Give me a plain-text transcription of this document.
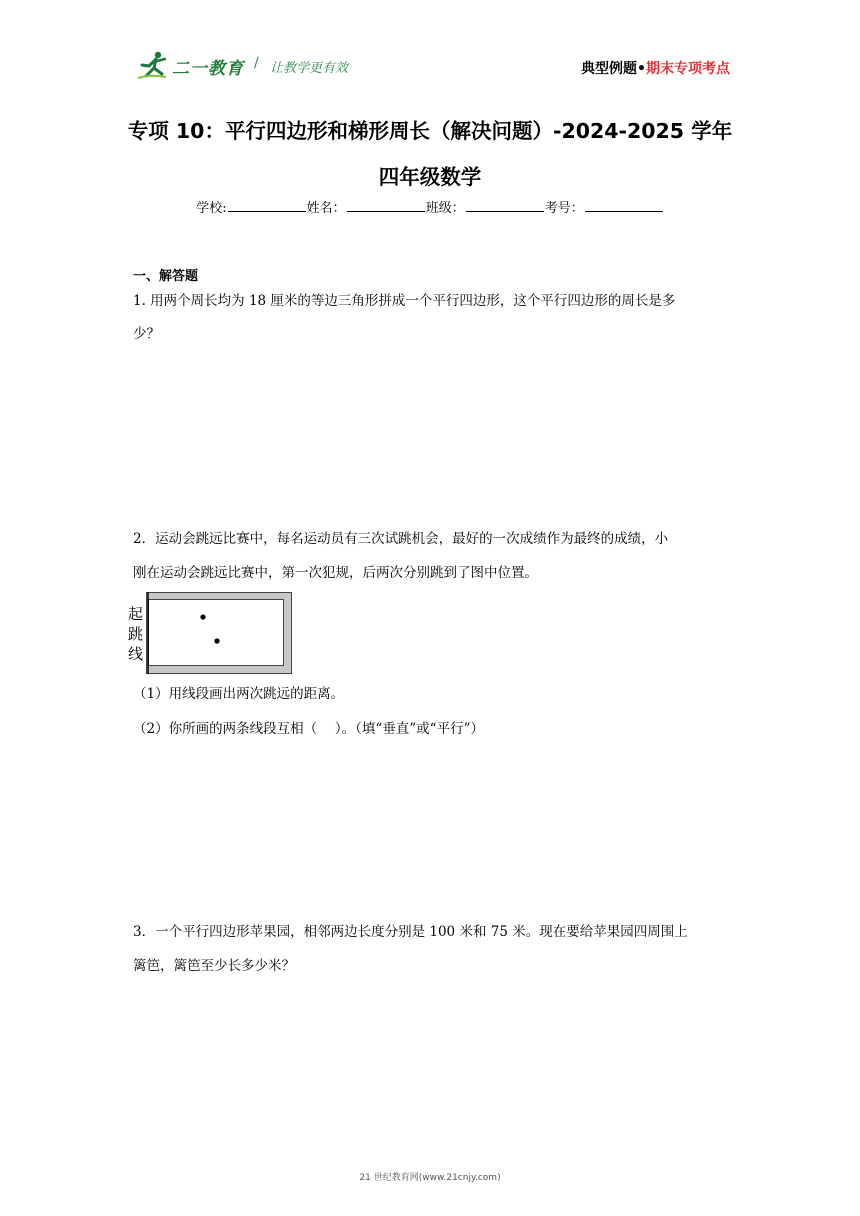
二一教育 / 让教学更有效	典型例题•期末专项考点
专项 10：平行四边形和梯形周长（解决问题）-2024-2025 学年
四年级数学
学校:	姓名：	班级：	考号：
一、解答题
1. 用两个周长均为 18 厘米的等边三角形拼成一个平行四边形，这个平行四边形的周长是多
少？
2．运动会跳远比赛中，每名运动员有三次试跳机会，最好的一次成绩作为最终的成绩，小
刚在运动会跳远比赛中，第一次犯规，后两次分别跳到了图中位置。
起
跳
线
（1）用线段画出两次跳远的距离。
（2）你所画的两条线段互相（　 ）。（填“垂直”或“平行”）
3．一个平行四边形苹果园，相邻两边长度分别是 100 米和 75 米。现在要给苹果园四周围上
篱笆，篱笆至少长多少米？
21 世纪教育网(www.21cnjy.com)
